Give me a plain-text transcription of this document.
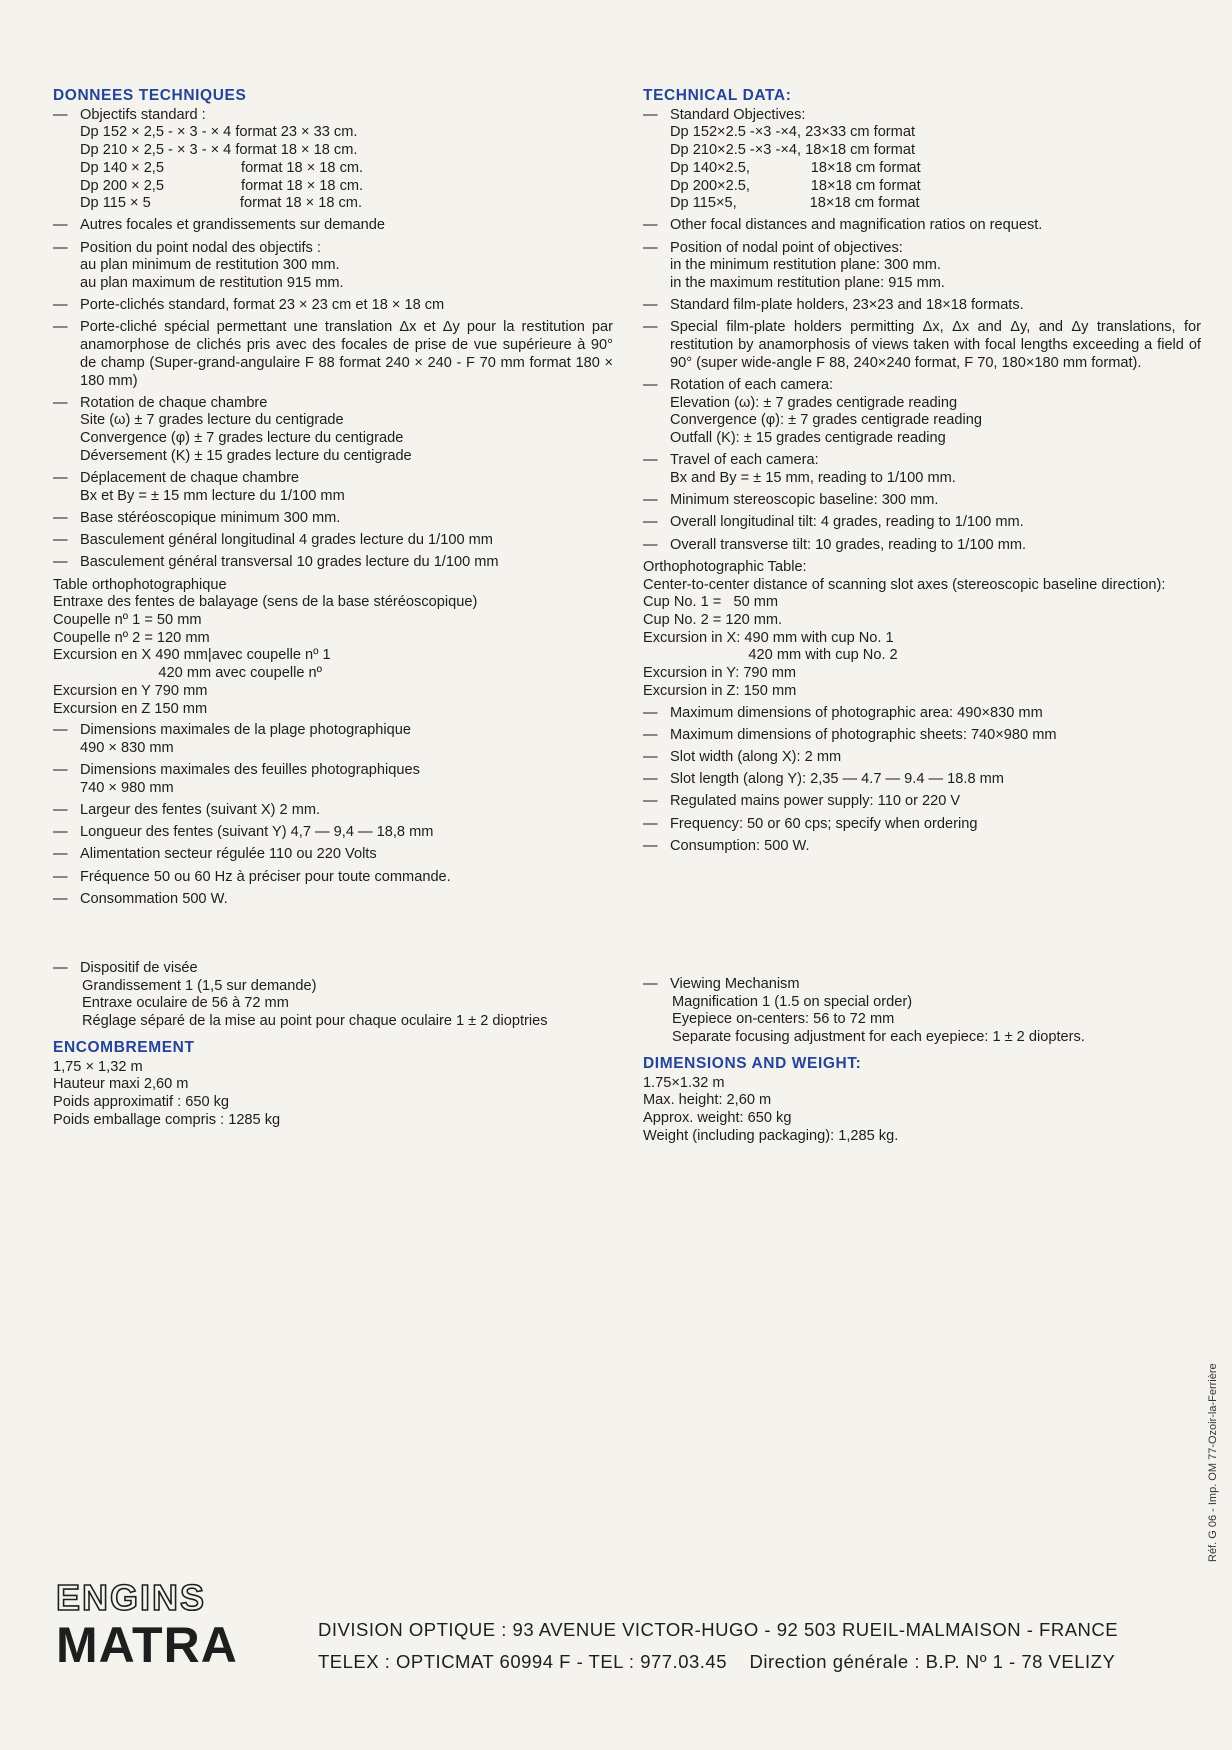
DONNEES TECHNIQUES
— Objectifs standard :
Dp 152 × 2,5 - × 3 - × 4 format 23 × 33 cm.
Dp 210 × 2,5 - × 3 - × 4 format 18 × 18 cm.
Dp 140 × 2,5                   format 18 × 18 cm.
Dp 200 × 2,5                   format 18 × 18 cm.
Dp 115 × 5                      format 18 × 18 cm.
— Autres focales et grandissements sur demande
— Position du point nodal des objectifs :
au plan minimum de restitution 300 mm.
au plan maximum de restitution 915 mm.
— Porte-clichés standard, format 23 × 23 cm et 18 × 18 cm
— Porte-cliché spécial permettant une translation Δx et Δy pour la restitution par anamorphose de clichés pris avec des focales de prise de vue supérieure à 90° de champ (Super-grand-angulaire F 88 format 240 × 240 - F 70 mm format 180 × 180 mm)
— Rotation de chaque chambre
Site (ω) ± 7 grades lecture du centigrade
Convergence (φ) ± 7 grades lecture du centigrade
Déversement (K) ± 15 grades lecture du centigrade
— Déplacement de chaque chambre
Bx et By = ± 15 mm lecture du 1/100 mm
— Base stéréoscopique minimum 300 mm.
— Basculement général longitudinal 4 grades lecture du 1/100 mm
— Basculement général transversal 10 grades lecture du 1/100 mm
Table orthophotographique
Entraxe des fentes de balayage (sens de la base stéréoscopique)
Coupelle nº 1 = 50 mm
Coupelle nº 2 = 120 mm
Excursion en X 490 mm|avec coupelle nº 1
420 mm avec coupelle nº
Excursion en Y 790 mm
Excursion en Z 150 mm
— Dimensions maximales de la plage photographique
490 × 830 mm
— Dimensions maximales des feuilles photographiques
740 × 980 mm
— Largeur des fentes (suivant X) 2 mm.
— Longueur des fentes (suivant Y) 4,7 — 9,4 — 18,8 mm
— Alimentation secteur régulée 110 ou 220 Volts
— Fréquence 50 ou 60 Hz à préciser pour toute commande.
— Consommation 500 W.
— Dispositif de visée
Grandissement 1 (1,5 sur demande)
Entraxe oculaire de 56 à 72 mm
Réglage séparé de la mise au point pour chaque oculaire 1 ± 2 dioptries
ENCOMBREMENT
1,75 × 1,32 m
Hauteur maxi 2,60 m
Poids approximatif : 650 kg
Poids emballage compris : 1285 kg
TECHNICAL DATA:
— Standard Objectives:
Dp 152×2.5 -×3 -×4, 23×33 cm format
Dp 210×2.5 -×3 -×4, 18×18 cm format
Dp 140×2.5,               18×18 cm format
Dp 200×2.5,               18×18 cm format
Dp 115×5,                  18×18 cm format
— Other focal distances and magnification ratios on request.
— Position of nodal point of objectives:
in the minimum restitution plane: 300 mm.
in the maximum restitution plane: 915 mm.
— Standard film-plate holders, 23×23 and 18×18 formats.
— Special film-plate holders permitting Δx, Δx and Δy, and Δy translations, for restitution by anamorphosis of views taken with focal lengths exceeding a field of 90° (super wide-angle F 88, 240×240 format, F 70, 180×180 mm format).
— Rotation of each camera:
Elevation (ω): ± 7 grades centigrade reading
Convergence (φ): ± 7 grades centigrade reading
Outfall (K): ± 15 grades centigrade reading
— Travel of each camera:
Bx and By = ± 15 mm, reading to 1/100 mm.
— Minimum stereoscopic baseline: 300 mm.
— Overall longitudinal tilt: 4 grades, reading to 1/100 mm.
— Overall transverse tilt: 10 grades, reading to 1/100 mm.
Orthophotographic Table:
Center-to-center distance of scanning slot axes (stereoscopic baseline direction):
Cup No. 1 =   50 mm
Cup No. 2 = 120 mm.
Excursion in X: 490 mm with cup No. 1
420 mm with cup No. 2
Excursion in Y: 790 mm
Excursion in Z: 150 mm
— Maximum dimensions of photographic area: 490×830 mm
— Maximum dimensions of photographic sheets: 740×980 mm
— Slot width (along X): 2 mm
— Slot length (along Y): 2,35 — 4.7 — 9.4 — 18.8 mm
— Regulated mains power supply: 110 or 220 V
— Frequency: 50 or 60 cps; specify when ordering
— Consumption: 500 W.
— Viewing Mechanism
Magnification 1 (1.5 on special order)
Eyepiece on-centers: 56 to 72 mm
Separate focusing adjustment for each eyepiece: 1 ± 2 diopters.
DIMENSIONS AND WEIGHT:
1.75×1.32 m
Max. height: 2,60 m
Approx. weight: 650 kg
Weight (including packaging): 1,285 kg.
Réf. G 06 - Imp. OM 77-Ozoir-la-Ferrière
ENGINS
MATRA	DIVISION OPTIQUE : 93 AVENUE VICTOR-HUGO - 92 503 RUEIL-MALMAISON - FRANCE
TELEX : OPTICMAT 60994 F - TEL : 977.03.45    Direction générale : B.P. Nº 1 - 78 VELIZY
